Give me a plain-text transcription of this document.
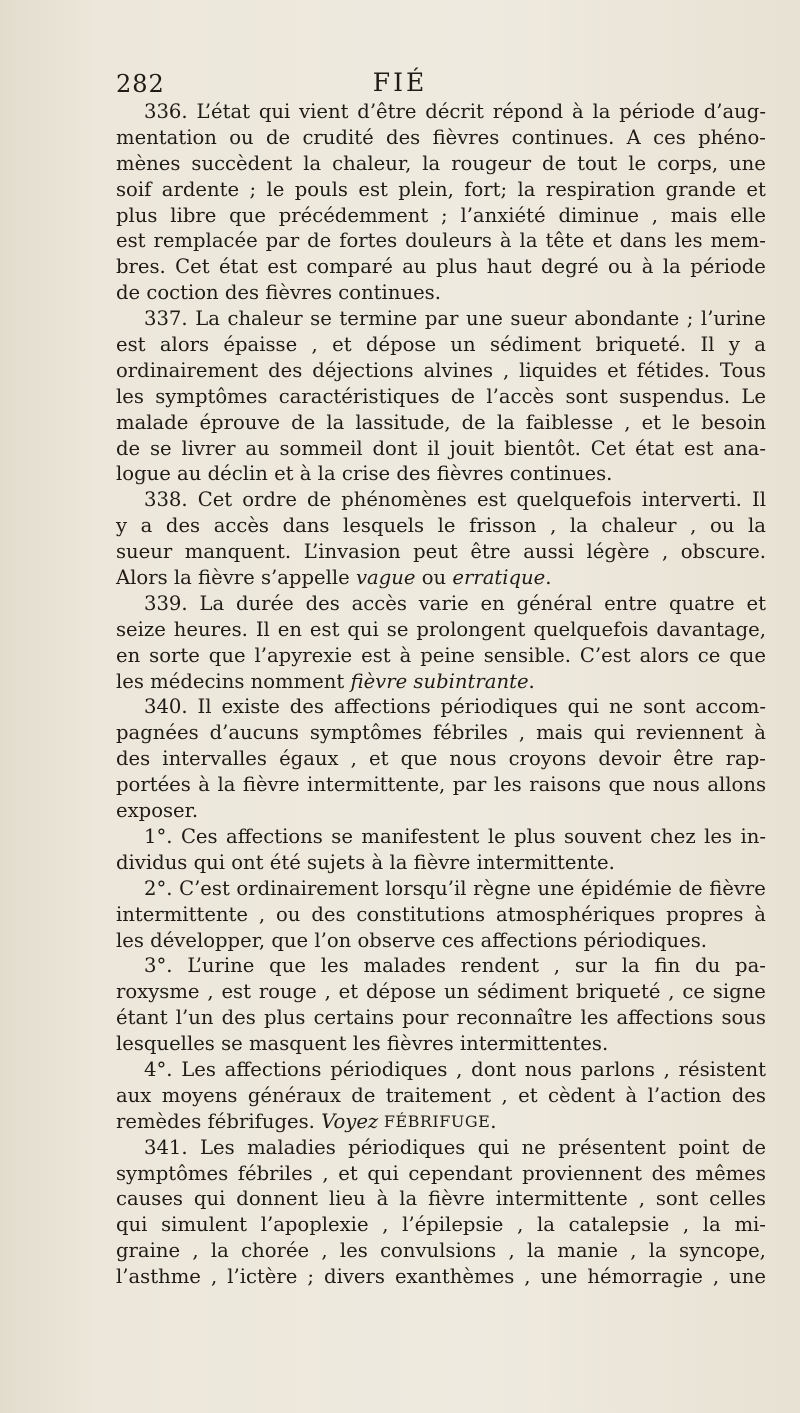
282	FIÉ
336. L’état qui vient d’être décrit répond à la période d’aug-
mentation ou de crudité des fièvres continues. A ces phéno-
mènes succèdent la chaleur, la rougeur de tout le corps, une
soif ardente ; le pouls est plein, fort; la respiration grande et
plus libre que précédemment ; l’anxiété diminue , mais elle
est remplacée par de fortes douleurs à la tête et dans les mem-
bres. Cet état est comparé au plus haut degré ou à la période
de coction des fièvres continues.
337. La chaleur se termine par une sueur abondante ; l’urine
est alors épaisse , et dépose un sédiment briqueté. Il y a
ordinairement des déjections alvines , liquides et fétides. Tous
les symptômes caractéristiques de l’accès sont suspendus. Le
malade éprouve de la lassitude, de la faiblesse , et le besoin
de se livrer au sommeil dont il jouit bientôt. Cet état est ana-
logue au déclin et à la crise des fièvres continues.
338. Cet ordre de phénomènes est quelquefois interverti. Il
y a des accès dans lesquels le frisson , la chaleur , ou la
sueur manquent. L’invasion peut être aussi légère , obscure.
Alors la fièvre s’appelle vague ou erratique .
339. La durée des accès varie en général entre quatre et
seize heures. Il en est qui se prolongent quelquefois davantage,
en sorte que l’apyrexie est à peine sensible. C’est alors ce que
les médecins nomment fièvre subintrante .
340. Il existe des affections périodiques qui ne sont accom-
pagnées d’aucuns symptômes fébriles , mais qui reviennent à
des intervalles égaux , et que nous croyons devoir être rap-
portées à la fièvre intermittente, par les raisons que nous allons
exposer.
1°. Ces affections se manifestent le plus souvent chez les in-
dividus qui ont été sujets à la fièvre intermittente.
2°. C’est ordinairement lorsqu’il règne une épidémie de fièvre
intermittente , ou des constitutions atmosphériques propres à
les développer, que l’on observe ces affections périodiques.
3°. L’urine que les malades rendent , sur la fin du pa-
roxysme , est rouge , et dépose un sédiment briqueté , ce signe
étant l’un des plus certains pour reconnaître les affections sous
lesquelles se masquent les fièvres intermittentes.
4°. Les affections périodiques , dont nous parlons , résistent
aux moyens généraux de traitement , et cèdent à l’action des
remèdes fébrifuges. Voyez FÉBRIFUGE .
341. Les maladies périodiques qui ne présentent point de
symptômes fébriles , et qui cependant proviennent des mêmes
causes qui donnent lieu à la fièvre intermittente , sont celles
qui simulent l’apoplexie , l’épilepsie , la catalepsie , la mi-
graine , la chorée , les convulsions , la manie , la syncope,
l’asthme , l’ictère ; divers exanthèmes , une hémorragie , une
